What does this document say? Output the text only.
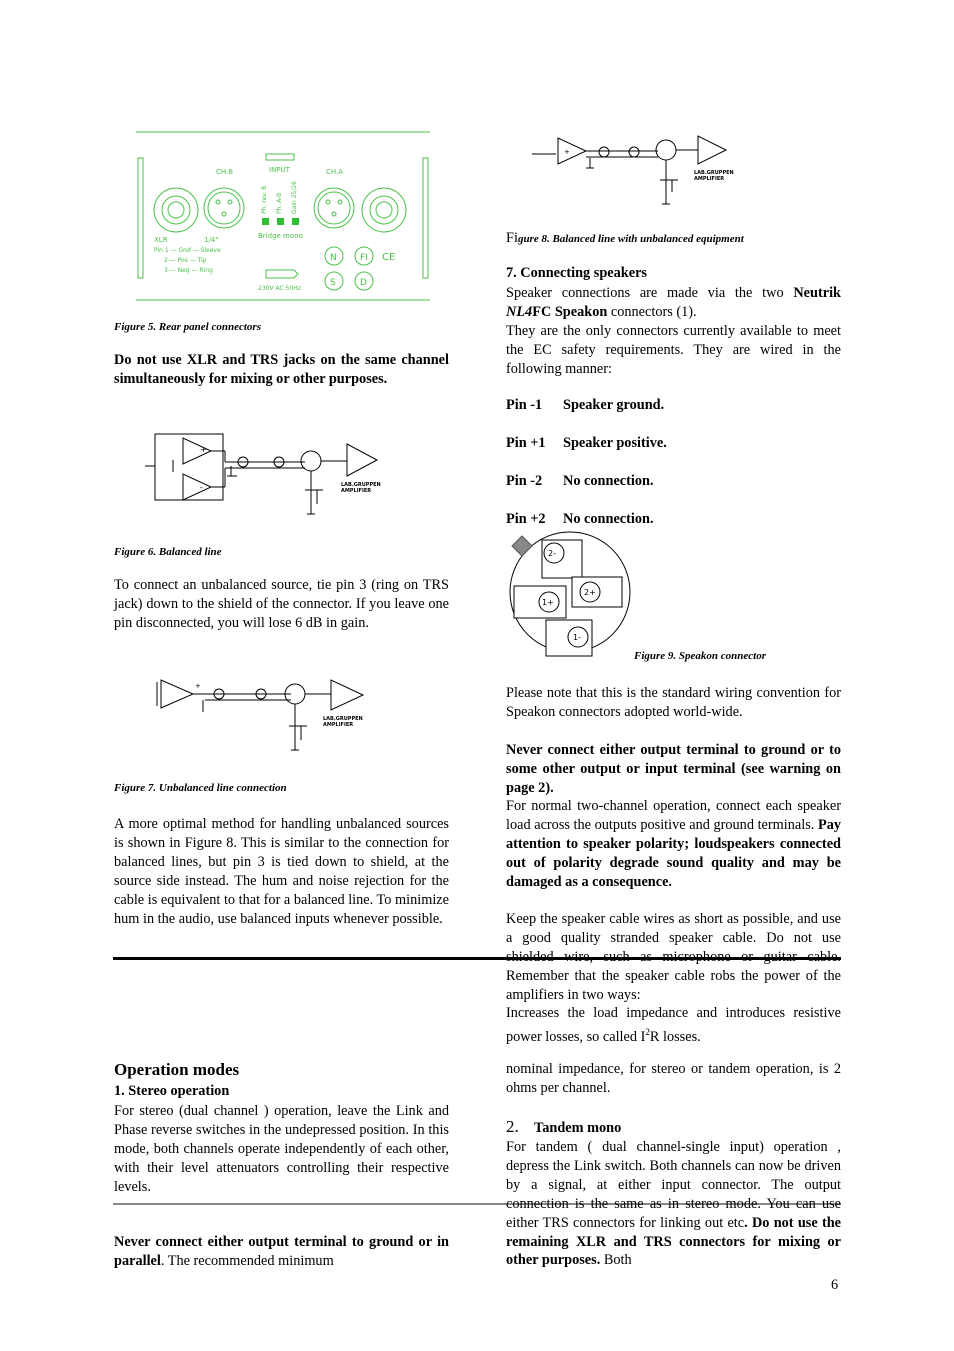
CH.B	INPUT	CH.A
Ph. rev. B Ph. A-B Gain 25/26
XLR	1/4"
Pin 1 — Gnd — Sleeve
2 — Pos — Tip
3 — Neg — Ring
Bridge mono
230V AC 50Hz
N	FI
S	D
CE
Figure 5. Rear panel connectors
Do not use XLR and TRS jacks on the same channel simultaneously for mixing or other purposes.
+
-	LAB.GRUPPEN
AMPLIFIER
Figure 6. Balanced line
To connect an unbalanced source, tie pin 3 (ring on TRS jack) down to the shield of the connector. If you leave one pin disconnected, you will lose 6 dB in gain.
+
LAB.GRUPPEN
AMPLIFIER
Figure 7. Unbalanced line connection
A more optimal method for handling unbalanced sources is shown in Figure 8. This is similar to the connection for balanced lines, but pin 3 is tied down to shield, at the source side instead. The hum and noise rejection for the cable is equivalent to that for a balanced line. To minimize hum in the audio, use balanced inputs whenever possible.
Operation modes
1. Stereo operation
For stereo (dual channel ) operation, leave the Link and Phase reverse switches in the undepressed position. In this mode, both channels operate independently of each other, with their level attenuators controlling their respective levels.
Never connect either output terminal to ground or in parallel. The recommended minimum
+
LAB.GRUPPEN
AMPLIFIER
Figure 8. Balanced line with unbalanced equipment
7. Connecting speakers
Speaker connections are made via the two Neutrik NL4FC Speakon connectors (1).
They are the only connectors currently available to meet the EC safety requirements. They are wired in the following manner:
Pin -1 Speaker ground.
Pin +1 Speaker positive.
Pin -2 No connection.
Pin +2 No connection.
2-
2+
1+
1-
Figure 9. Speakon connector
Please note that this is the standard wiring convention for Speakon connectors adopted world-wide.
Never connect either output terminal to ground or to some other output or input terminal (see warning on page 2).
For normal two-channel operation, connect each speaker load across the outputs positive and ground terminals. Pay attention to speaker polarity; loudspeakers connected out of polarity degrade sound quality and may be damaged as a consequence.
Keep the speaker cable wires as short as possible, and use a good quality stranded speaker cable. Do not use shielded wire, such as microphone or guitar cable. Remember that the speaker cable robs the power of the amplifiers in two ways:
Increases the load impedance and introduces resistive power losses, so called $I^2R$ losses.
nominal impedance, for stereo or tandem operation, is 2 ohms per channel.
2. Tandem mono
For tandem ( dual channel-single input) operation , depress the Link switch. Both channels can now be driven by a signal, at either input connector. The output connection is the same as in stereo mode. You can use either TRS connectors for linking out etc. Do not use the remaining XLR and TRS connectors for mixing or other purposes. Both
6
